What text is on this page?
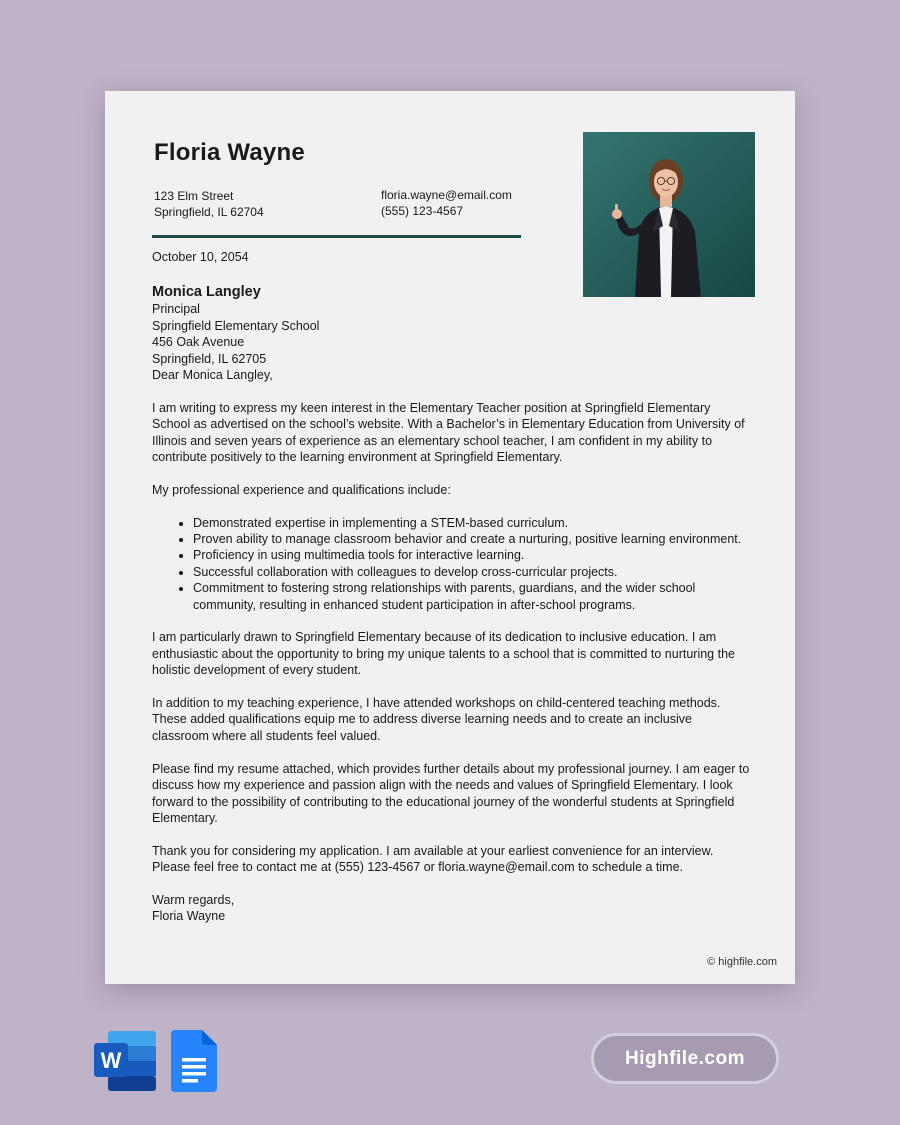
Floria Wayne
123 Elm Street
Springfield, IL 62704
floria.wayne@email.com
(555) 123-4567

October 10, 2054

Monica Langley

Principal

Springfield Elementary School

456 Oak Avenue

Springfield, IL 62705

Dear Monica Langley,

I am writing to express my keen interest in the Elementary Teacher position at Springfield Elementary School as advertised on the school’s website. With a Bachelor’s in Elementary Education from University of Illinois and seven years of experience as an elementary school teacher, I am confident in my ability to contribute positively to the learning environment at Springfield Elementary.

My professional experience and qualifications include:

• Demonstrated expertise in implementing a STEM-based curriculum.
• Proven ability to manage classroom behavior and create a nurturing, positive learning environment.
• Proficiency in using multimedia tools for interactive learning.
• Successful collaboration with colleagues to develop cross-curricular projects.
• Commitment to fostering strong relationships with parents, guardians, and the wider school community, resulting in enhanced student participation in after-school programs.

I am particularly drawn to Springfield Elementary because of its dedication to inclusive education. I am enthusiastic about the opportunity to bring my unique talents to a school that is committed to nurturing the holistic development of every student.

In addition to my teaching experience, I have attended workshops on child-centered teaching methods. These added qualifications equip me to address diverse learning needs and to create an inclusive classroom where all students feel valued.

Please find my resume attached, which provides further details about my professional journey. I am eager to discuss how my experience and passion align with the needs and values of Springfield Elementary. I look forward to the possibility of contributing to the educational journey of the wonderful students at Springfield Elementary.

Thank you for considering my application. I am available at your earliest convenience for an interview. Please feel free to contact me at (555) 123-4567 or floria.wayne@email.com to schedule a time.

Warm regards,

Floria Wayne

© highfile.com
W	Highfile.com
